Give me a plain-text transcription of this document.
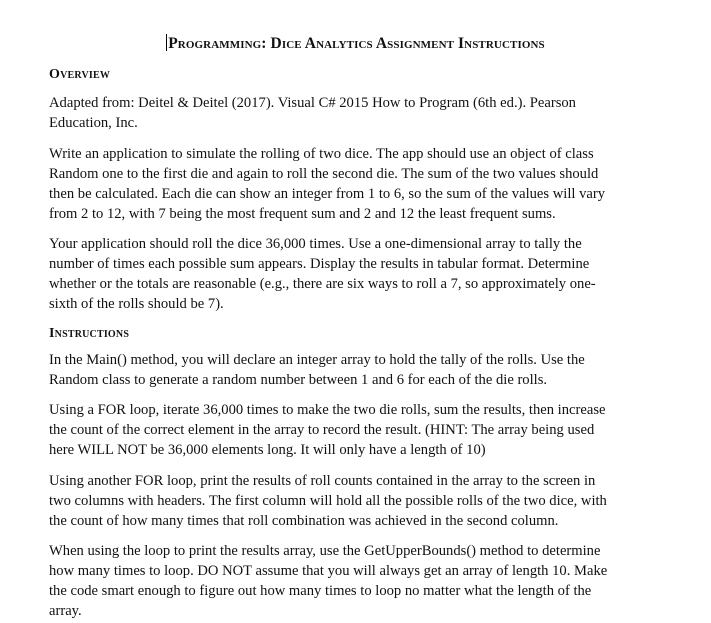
Programming: Dice Analytics Assignment Instructions
Overview
Adapted from: Deitel & Deitel (2017). Visual C# 2015 How to Program (6th ed.). Pearson
Education, Inc.
Write an application to simulate the rolling of two dice. The app should use an object of class
Random one to the first die and again to roll the second die. The sum of the two values should
then be calculated. Each die can show an integer from 1 to 6, so the sum of the values will vary
from 2 to 12, with 7 being the most frequent sum and 2 and 12 the least frequent sums.
Your application should roll the dice 36,000 times. Use a one-dimensional array to tally the
number of times each possible sum appears. Display the results in tabular format. Determine
whether or the totals are reasonable (e.g., there are six ways to roll a 7, so approximately one-
sixth of the rolls should be 7).
Instructions
In the Main() method, you will declare an integer array to hold the tally of the rolls. Use the
Random class to generate a random number between 1 and 6 for each of the die rolls.
Using a FOR loop, iterate 36,000 times to make the two die rolls, sum the results, then increase
the count of the correct element in the array to record the result. (HINT: The array being used
here WILL NOT be 36,000 elements long. It will only have a length of 10)
Using another FOR loop, print the results of roll counts contained in the array to the screen in
two columns with headers. The first column will hold all the possible rolls of the two dice, with
the count of how many times that roll combination was achieved in the second column.
When using the loop to print the results array, use the GetUpperBounds() method to determine
how many times to loop. DO NOT assume that you will always get an array of length 10. Make
the code smart enough to figure out how many times to loop no matter what the length of the
array.
